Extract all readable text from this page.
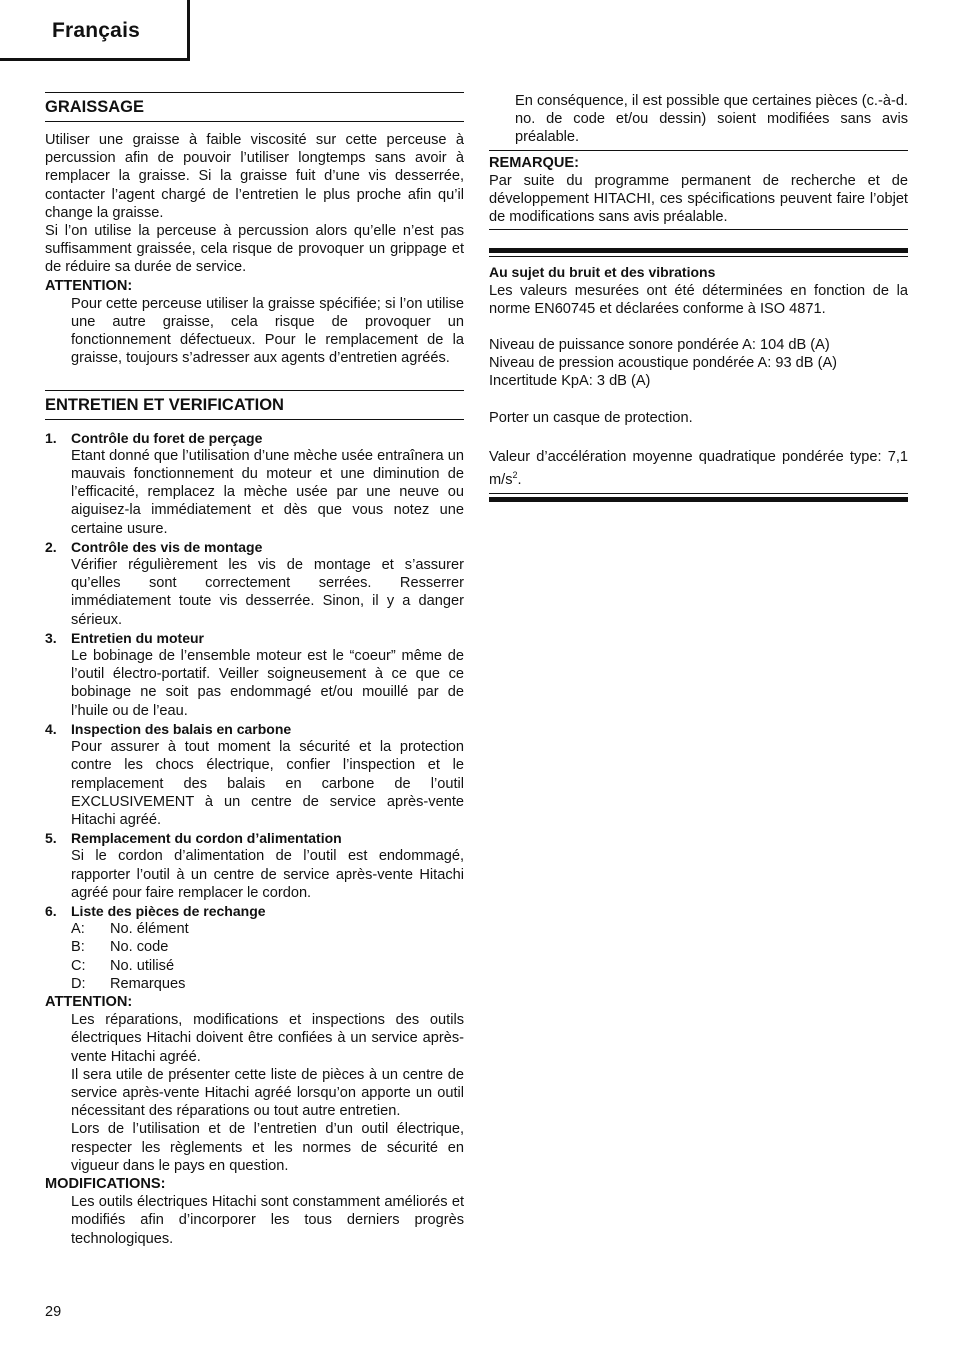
Français
GRAISSAGE

Utiliser une graisse à faible viscosité sur cette perceuse à percussion afin de pouvoir l’utiliser longtemps sans avoir à remplacer la graisse. Si la graisse fuit d’une vis desserrée, contacter l’agent chargé de l’entretien le plus proche afin qu’il change la graisse.

Si l’on utilise la perceuse à percussion alors qu’elle n’est pas suffisamment graissée, cela risque de provoquer un grippage et de réduire sa durée de service.

ATTENTION:
Pour cette perceuse utiliser la graisse spécifiée; si l’on utilise une autre graisse, cela risque de provoquer un fonctionnement défectueux. Pour le remplacement de la graisse, toujours s’adresser aux agents d’entretien agréés.
ENTRETIEN ET VERIFICATION
1.	Contrôle du foret de perçage
Etant donné que l’utilisation d’une mèche usée entraînera un mauvais fonctionnement du moteur et une diminution de l’efficacité, remplacez la mèche usée par une neuve ou aiguisez-la immédiatement et dès que vous notez une certaine usure.
2.	Contrôle des vis de montage
Vérifier régulièrement les vis de montage et s’assurer qu’elles sont correctement serrées. Resserrer immédiatement toute vis desserrée. Sinon, il y a danger sérieux.
3.	Entretien du moteur
Le bobinage de l’ensemble moteur est le “coeur” même de l’outil électro-portatif. Veiller soigneusement à ce que ce bobinage ne soit pas endommagé et/ou mouillé par de l’huile ou de l’eau.
4.	Inspection des balais en carbone
Pour assurer à tout moment la sécurité et la protection contre les chocs électrique, confier l’inspection et le remplacement des balais en carbone de l’outil EXCLUSIVEMENT à un centre de service après-vente Hitachi agréé.
5.	Remplacement du cordon d’alimentation
Si le cordon d’alimentation de l’outil est endommagé, rapporter l’outil à un centre de service après-vente Hitachi agréé pour faire remplacer le cordon.
6.	Liste des pièces de rechange
A:	No. élément
B:	No. code
C:	No. utilisé
D:	Remarques
ATTENTION:
Les réparations, modifications et inspections des outils électriques Hitachi doivent être confiées à un service après-vente Hitachi agréé.
Il sera utile de présenter cette liste de pièces à un centre de service après-vente Hitachi agréé lorsqu’on apporte un outil nécessitant des réparations ou tout autre entretien.
Lors de l’utilisation et de l’entretien d’un outil électrique, respecter les règlements et les normes de sécurité en vigueur dans le pays en question.
MODIFICATIONS:
Les outils électriques Hitachi sont constamment améliorés et modifiés afin d’incorporer les tous derniers progrès technologiques.
En conséquence, il est possible que certaines pièces (c.-à-d. no. de code et/ou dessin) soient modifiées sans avis préalable.
REMARQUE:

Par suite du programme permanent de recherche et de développement HITACHI, ces spécifications peuvent faire l’objet de modifications sans avis préalable.

Au sujet du bruit et des vibrations

Les valeurs mesurées ont été déterminées en fonction de la norme EN60745 et déclarées conforme à ISO 4871.

Niveau de puissance sonore pondérée A: 104 dB (A)
Niveau de pression acoustique pondérée A: 93 dB (A)
Incertitude KpA: 3 dB (A)
Porter un casque de protection.

Valeur d’accélération moyenne quadratique pondérée type: 7,1 $m/s^2$.

29
